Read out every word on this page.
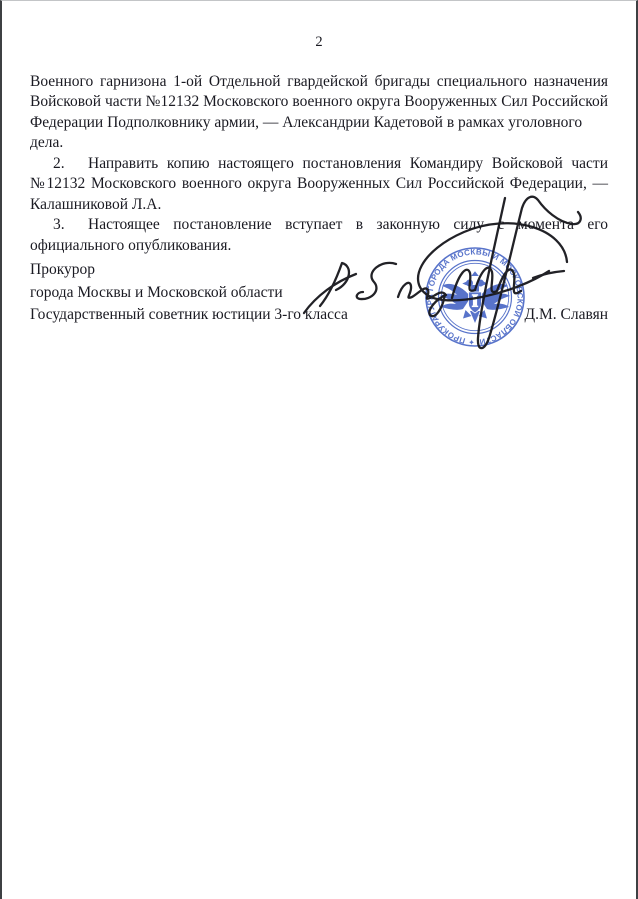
2
Военного гарнизона 1-ой Отдельной гвардейской бригады специального назначения
Войсковой части №12132 Московского военного округа Вооруженных Сил Российской
Федерации Подполковнику армии, — Александрии Кадетовой в рамках уголовного дела.
2. Направить копию настоящего постановления Командиру Войсковой части
№12132 Московского военного округа Вооруженных Сил Российской Федерации, —
Калашниковой Л.А.
3. Настоящее постановление вступает в законную силу с момента его
официального опубликования.
Прокурор
города Москвы и Московской области
Государственный советник юстиции 3-го класса	Д.М. Славян
✦ ПРОКУРАТУРА ГОРОДА МОСКВЫ И МОСКОВСКОЙ ОБЛАСТИ
